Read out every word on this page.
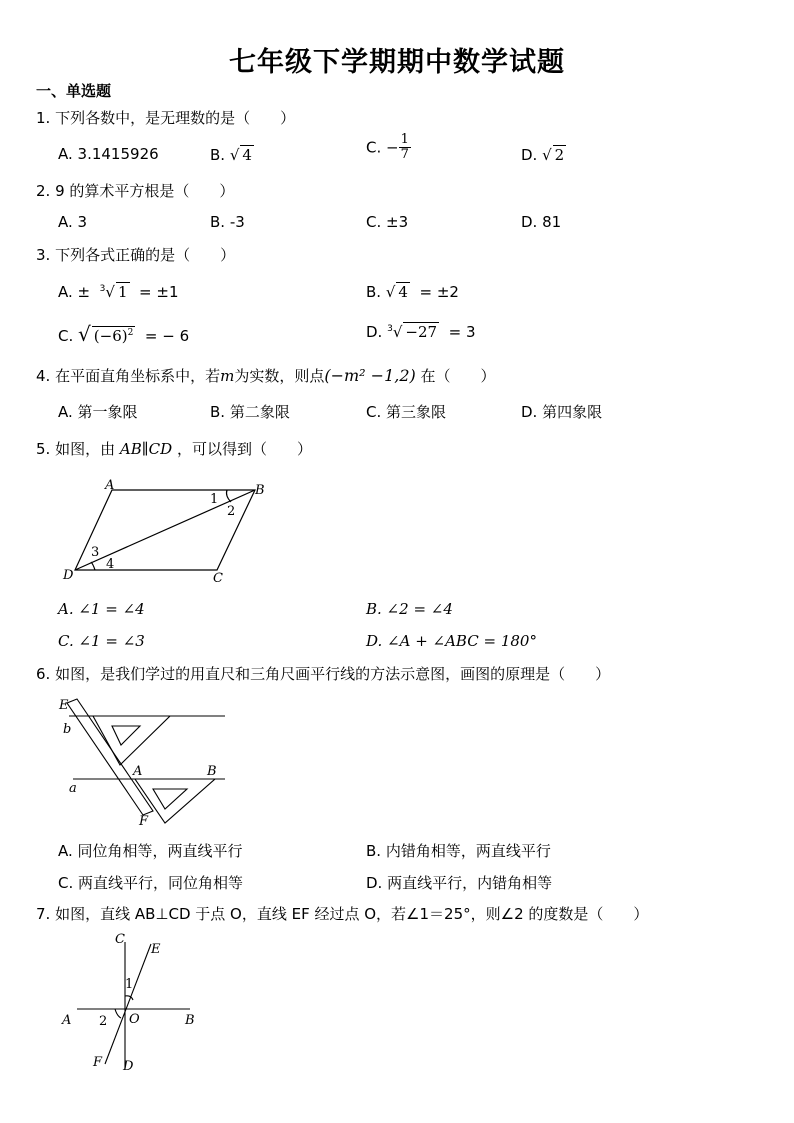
七年级下学期期中数学试题
一、单选题
1. 下列各数中，是无理数的是（　　）
A. 3.1415926	B. √ 4	C. − $\frac{1}{7}$	D. √ 2
2. 9 的算术平方根是（　　）
A. 3	B. -3	C. ±3	D. 81
3. 下列各式正确的是（　　）
A. ± $^3$√ 1 = ±1	B. √ 4 = ±2
C. √ $(-6)^2$ = − 6	D. $^3$√ −27 = 3
4. 在平面直角坐标系中，若m为实数，则点(−m² −1,2) 在（　　）
A. 第一象限	B. 第二象限	C. 第三象限	D. 第四象限
5. 如图，由 AB∥CD ，可以得到（　　）
A	B
C
D
1
2
3
4
A. ∠1 = ∠4	B. ∠2 = ∠4
C. ∠1 = ∠3	D. ∠A + ∠ABC = 180°
6. 如图，是我们学过的用直尺和三角尺画平行线的方法示意图，画图的原理是（　　）
E
b
A	B
a
F
A. 同位角相等，两直线平行	B. 内错角相等，两直线平行
C. 两直线平行，同位角相等	D. 两直线平行，内错角相等
7. 如图，直线 AB⊥CD 于点 O，直线 EF 经过点 O，若∠1＝25°，则∠2 的度数是（　　）
C
E
1
A 2 O	B
F D
